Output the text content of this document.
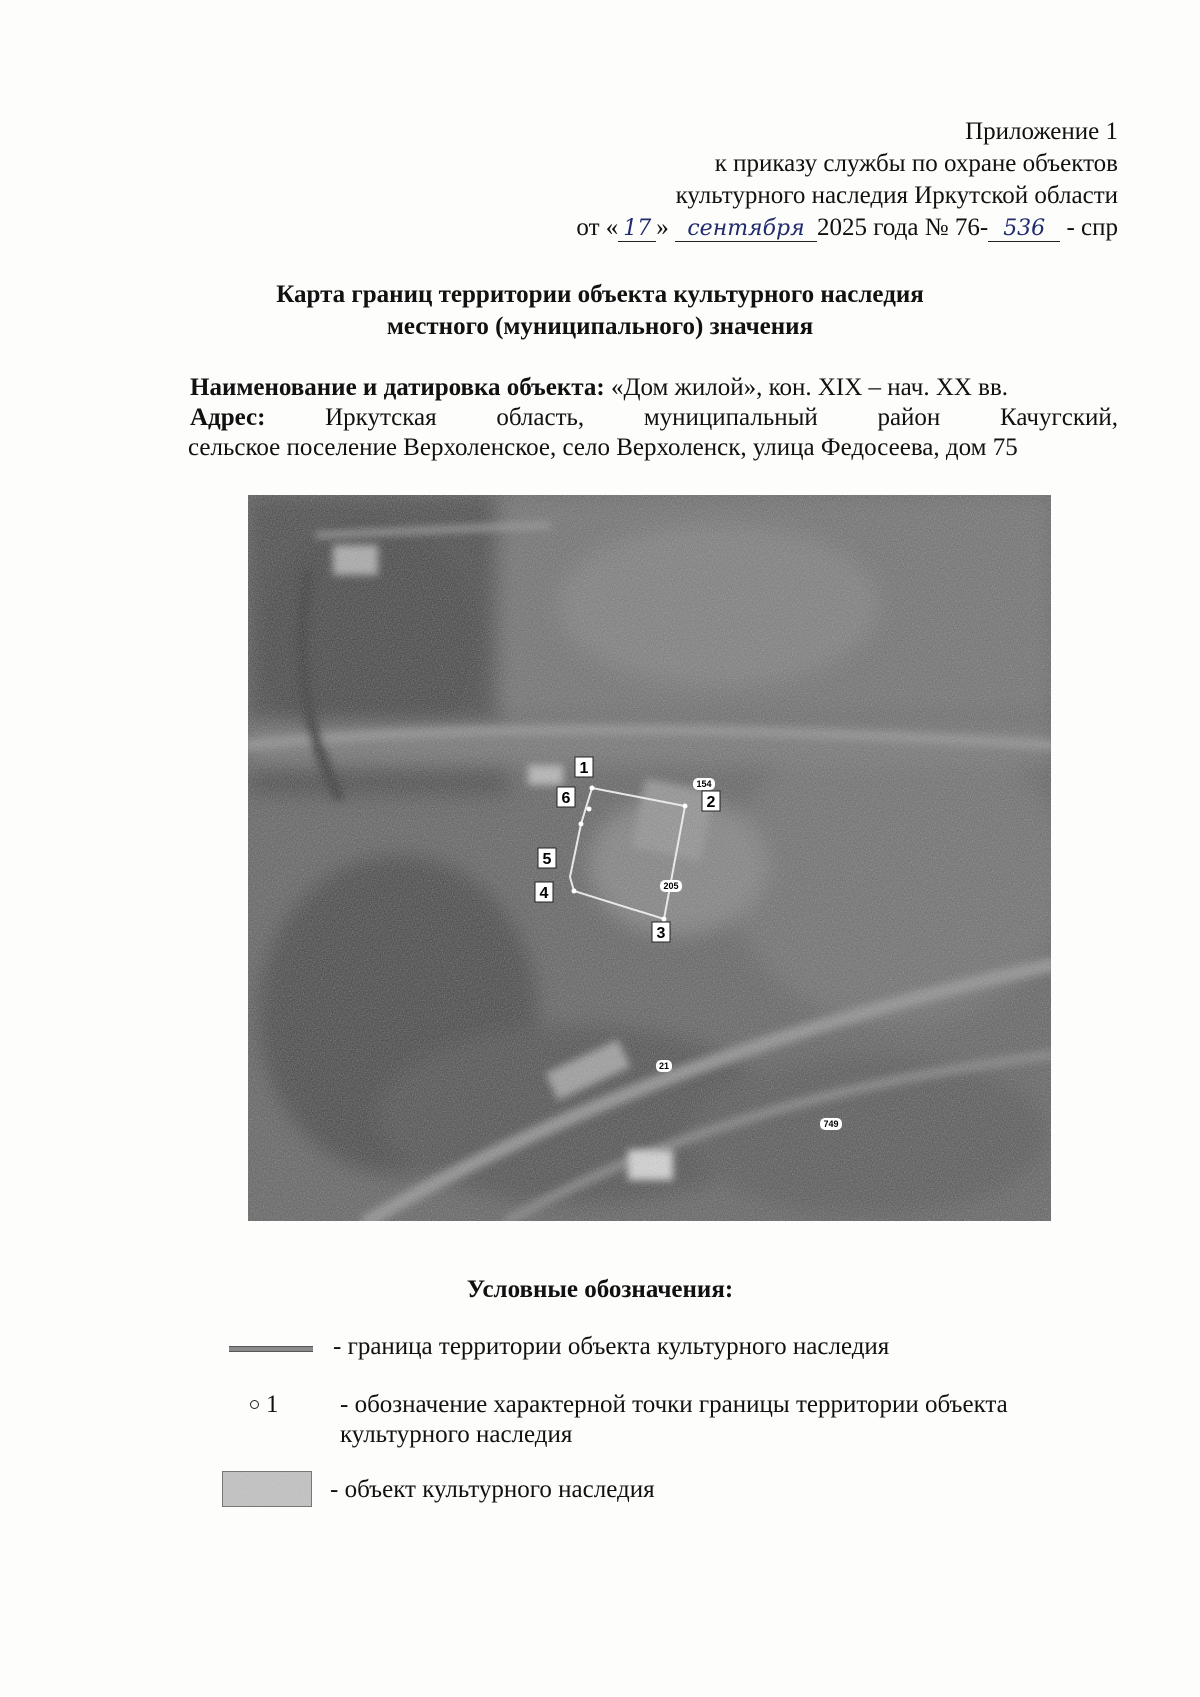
Приложение 1
к приказу службы по охране объектов
культурного наследия Иркутской области
от « 17 » сентября 2025 года № 76- 536 - спр
Карта границ территории объекта культурного наследия
местного (муниципального) значения
Наименование и датировка объекта: «Дом жилой», кон. XIX – нач. XX вв.
Адрес: Иркутская область, муниципальный район Качугский,
сельское поселение Верхоленское, село Верхоленск, улица Федосеева, дом 75
1
2
3
4
5
6
154
205
21
749
Условные обозначения:
- граница территории объекта культурного наследия
1 - обозначение характерной точки границы территории объекта культурного наследия
- объект культурного наследия
